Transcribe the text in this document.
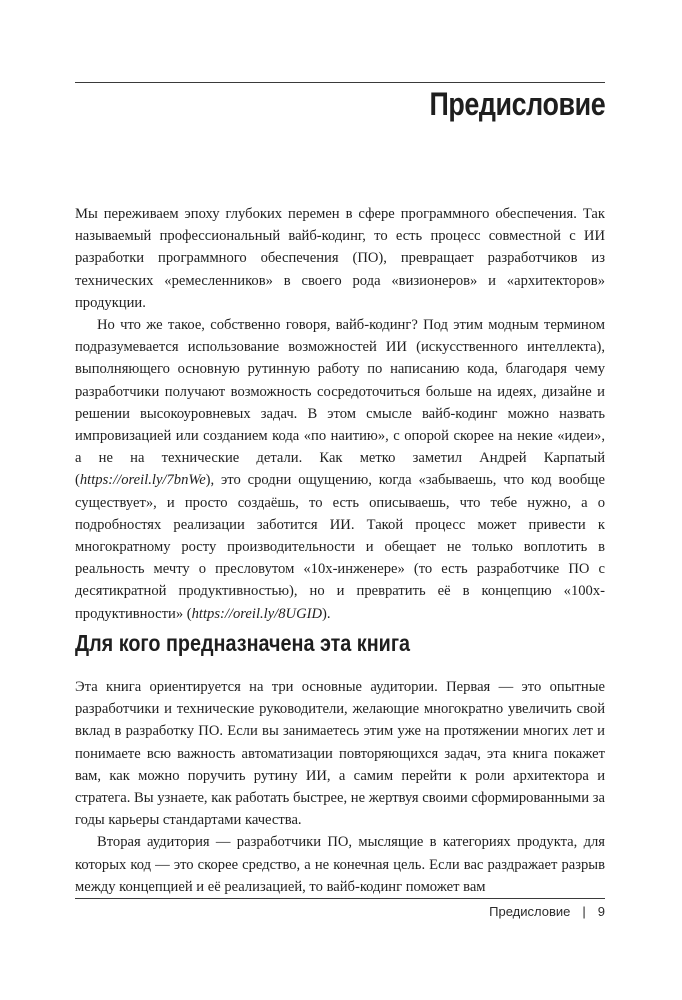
Предисловие

Мы переживаем эпоху глубоких перемен в сфере программного обеспечения. Так называемый профессиональный вайб-кодинг, то есть процесс совместной с ИИ разработки программного обеспечения (ПО), превращает разработчиков из технических «ремесленников» в своего рода «визионеров» и «архитекторов» продукции.

Но что же такое, собственно говоря, вайб-кодинг? Под этим модным термином подразумевается использование возможностей ИИ (искусственного интеллекта), выполняющего основную рутинную работу по написанию кода, благодаря чему разработчики получают возможность сосредоточиться больше на идеях, дизайне и решении высокоуровневых задач. В этом смысле вайб-кодинг можно назвать импровизацией или созданием кода «по наитию», с опорой скорее на некие «идеи», а не на технические детали. Как метко заметил Андрей Карпатый (https://oreil.ly/7bnWe), это сродни ощущению, когда «забываешь, что код вообще существует», и просто создаёшь, то есть описываешь, что тебе нужно, а о подробностях реализации заботится ИИ. Такой процесс может привести к многократному росту производительности и обещает не только воплотить в реальность мечту о пресловутом «10x-инженере» (то есть разработчике ПО с десятикратной продуктивностью), но и превратить её в концепцию «100x-продуктивности» (https://oreil.ly/8UGID).

Для кого предназначена эта книга

Эта книга ориентируется на три основные аудитории. Первая — это опытные разработчики и технические руководители, желающие многократно увеличить свой вклад в разработку ПО. Если вы занимаетесь этим уже на протяжении многих лет и понимаете всю важность автоматизации повторяющихся задач, эта книга покажет вам, как можно поручить рутину ИИ, а самим перейти к роли архитектора и стратега. Вы узнаете, как работать быстрее, не жертвуя своими сформированными за годы карьеры стандартами качества.

Вторая аудитория — разработчики ПО, мыслящие в категориях продукта, для которых код — это скорее средство, а не конечная цель. Если вас раздражает разрыв между концепцией и её реализацией, то вайб-кодинг поможет вам

Предисловие | 9
